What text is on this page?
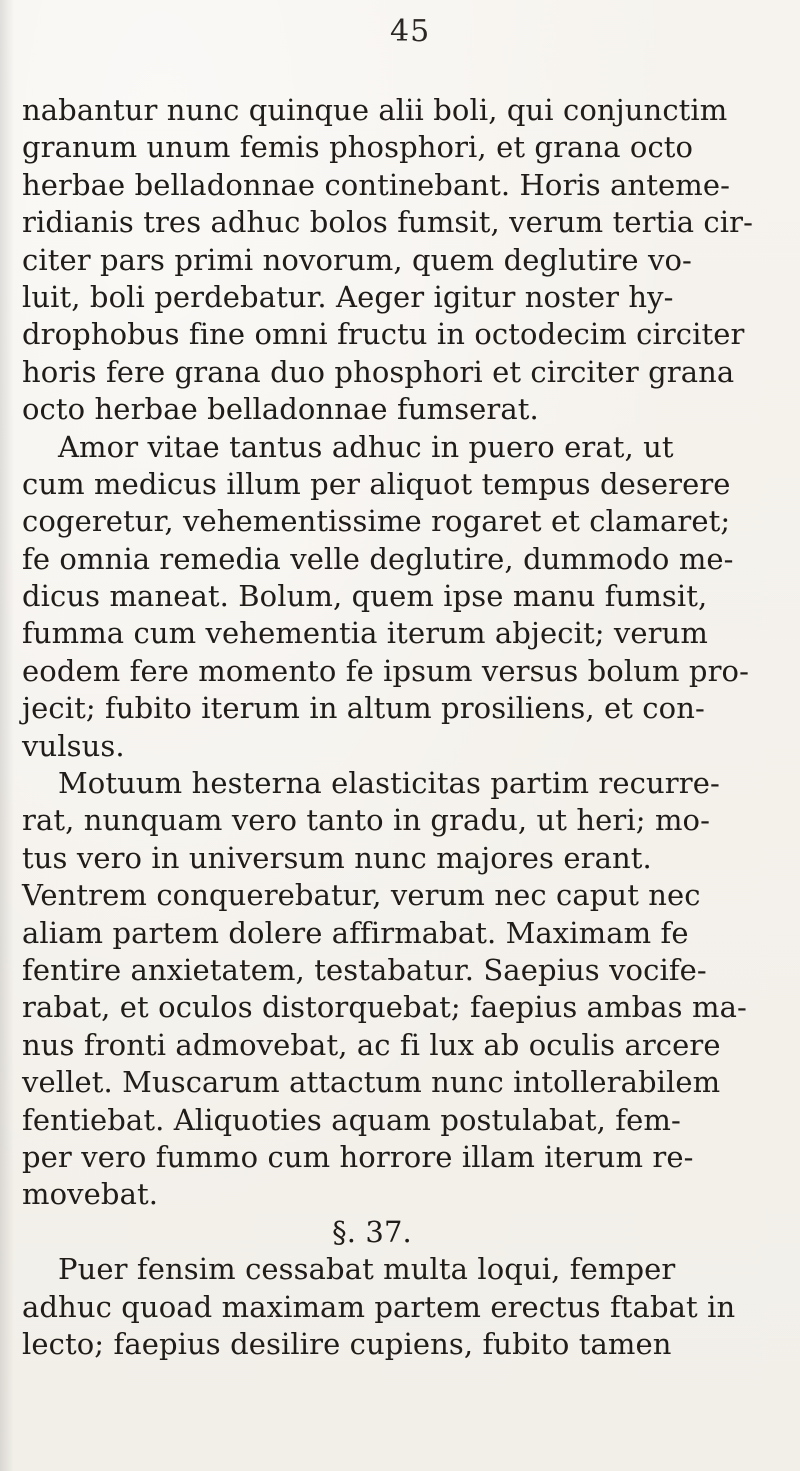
45
nabantur nunc quinque alii boli, qui conjunctim
granum unum femis phosphori, et grana octo
herbae belladonnae continebant. Horis anteme-
ridianis tres adhuc bolos fumsit, verum tertia cir-
citer pars primi novorum, quem deglutire vo-
luit, boli perdebatur. Aeger igitur noster hy-
drophobus fine omni fructu in octodecim circiter
horis fere grana duo phosphori et circiter grana
octo herbae belladonnae fumserat.
Amor vitae tantus adhuc in puero erat, ut
cum medicus illum per aliquot tempus deserere
cogeretur, vehementissime rogaret et clamaret;
fe omnia remedia velle deglutire, dummodo me-
dicus maneat. Bolum, quem ipse manu fumsit,
fumma cum vehementia iterum abjecit; verum
eodem fere momento fe ipsum versus bolum pro-
jecit; fubito iterum in altum prosiliens, et con-
vulsus.
Motuum hesterna elasticitas partim recurre-
rat, nunquam vero tanto in gradu, ut heri; mo-
tus vero in universum nunc majores erant.
Ventrem conquerebatur, verum nec caput nec
aliam partem dolere affirmabat. Maximam fe
fentire anxietatem, testabatur. Saepius vocife-
rabat, et oculos distorquebat; faepius ambas ma-
nus fronti admovebat, ac fi lux ab oculis arcere
vellet. Muscarum attactum nunc intollerabilem
fentiebat. Aliquoties aquam postulabat, fem-
per vero fummo cum horrore illam iterum re-
movebat.
§. 37.
Puer fensim cessabat multa loqui, femper
adhuc quoad maximam partem erectus ftabat in
lecto; faepius desilire cupiens, fubito tamen
